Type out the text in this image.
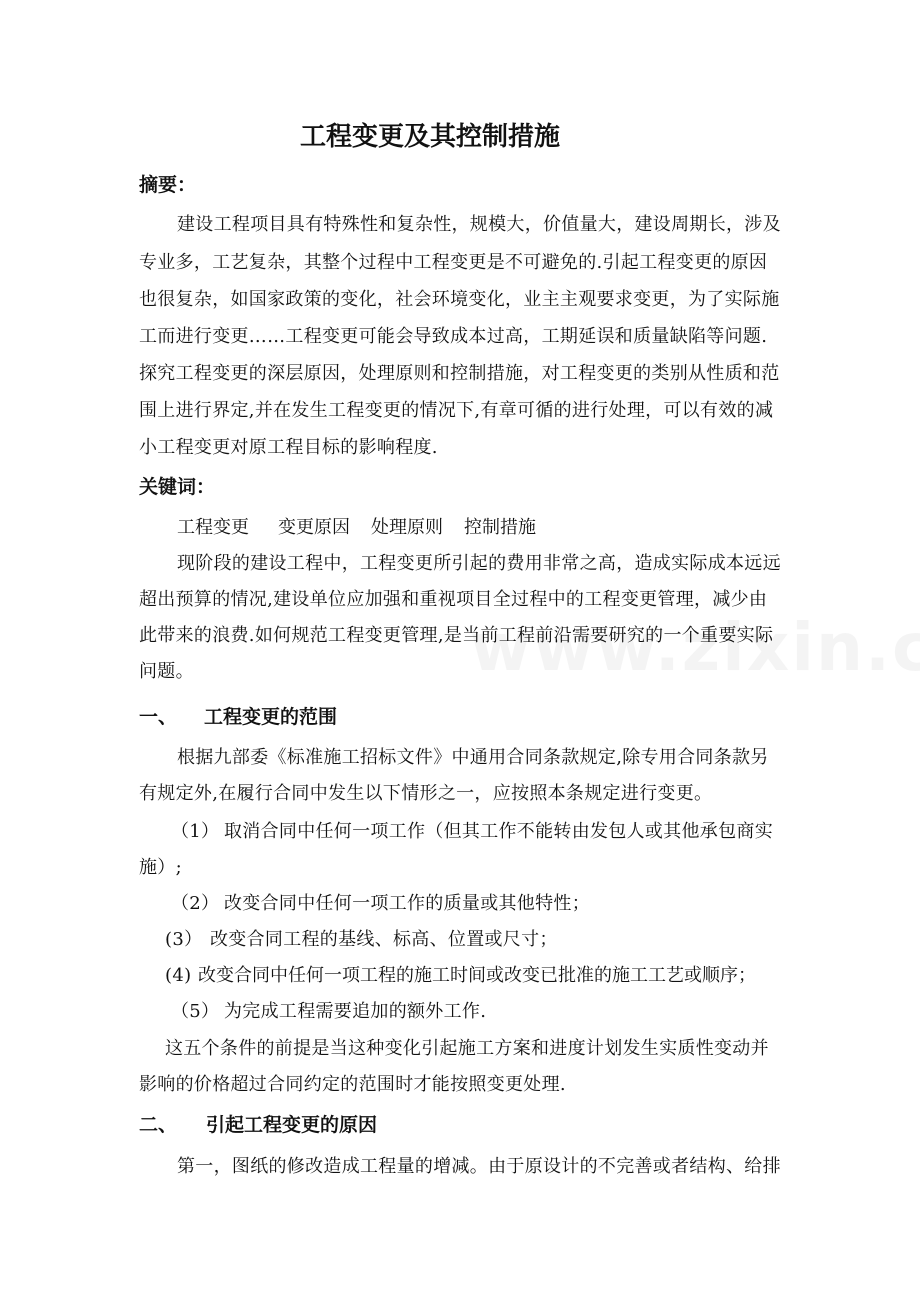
工程变更及其控制措施
摘要：
建设工程项目具有特殊性和复杂性，规模大，价值量大，建设周期长，涉及
专业多，工艺复杂，其整个过程中工程变更是不可避免的.引起工程变更的原因
也很复杂，如国家政策的变化，社会环境变化，业主主观要求变更，为了实际施
工而进行变更……工程变更可能会导致成本过高，工期延误和质量缺陷等问题.
探究工程变更的深层原因，处理原则和控制措施，对工程变更的类别从性质和范
围上进行界定,并在发生工程变更的情况下,有章可循的进行处理，可以有效的减
小工程变更对原工程目标的影响程度.
关键词：
工程变更 变更原因 处理原则 控制措施
现阶段的建设工程中，工程变更所引起的费用非常之高，造成实际成本远远
超出预算的情况,建设单位应加强和重视项目全过程中的工程变更管理，减少由
此带来的浪费.如何规范工程变更管理,是当前工程前沿需要研究的一个重要实际
问题。
一、 工程变更的范围
根据九部委《标准施工招标文件》中通用合同条款规定,除专用合同条款另
有规定外,在履行合同中发生以下情形之一，应按照本条规定进行变更。
（1） 取消合同中任何一项工作（但其工作不能转由发包人或其他承包商实
施）;
（2） 改变合同中任何一项工作的质量或其他特性；
(3） 改变合同工程的基线、标高、位置或尺寸；
(4) 改变合同中任何一项工程的施工时间或改变已批准的施工工艺或顺序；
（5） 为完成工程需要追加的额外工作.
这五个条件的前提是当这种变化引起施工方案和进度计划发生实质性变动并
影响的价格超过合同约定的范围时才能按照变更处理.
二、 引起工程变更的原因
第一，图纸的修改造成工程量的增减。由于原设计的不完善或者结构、给排
